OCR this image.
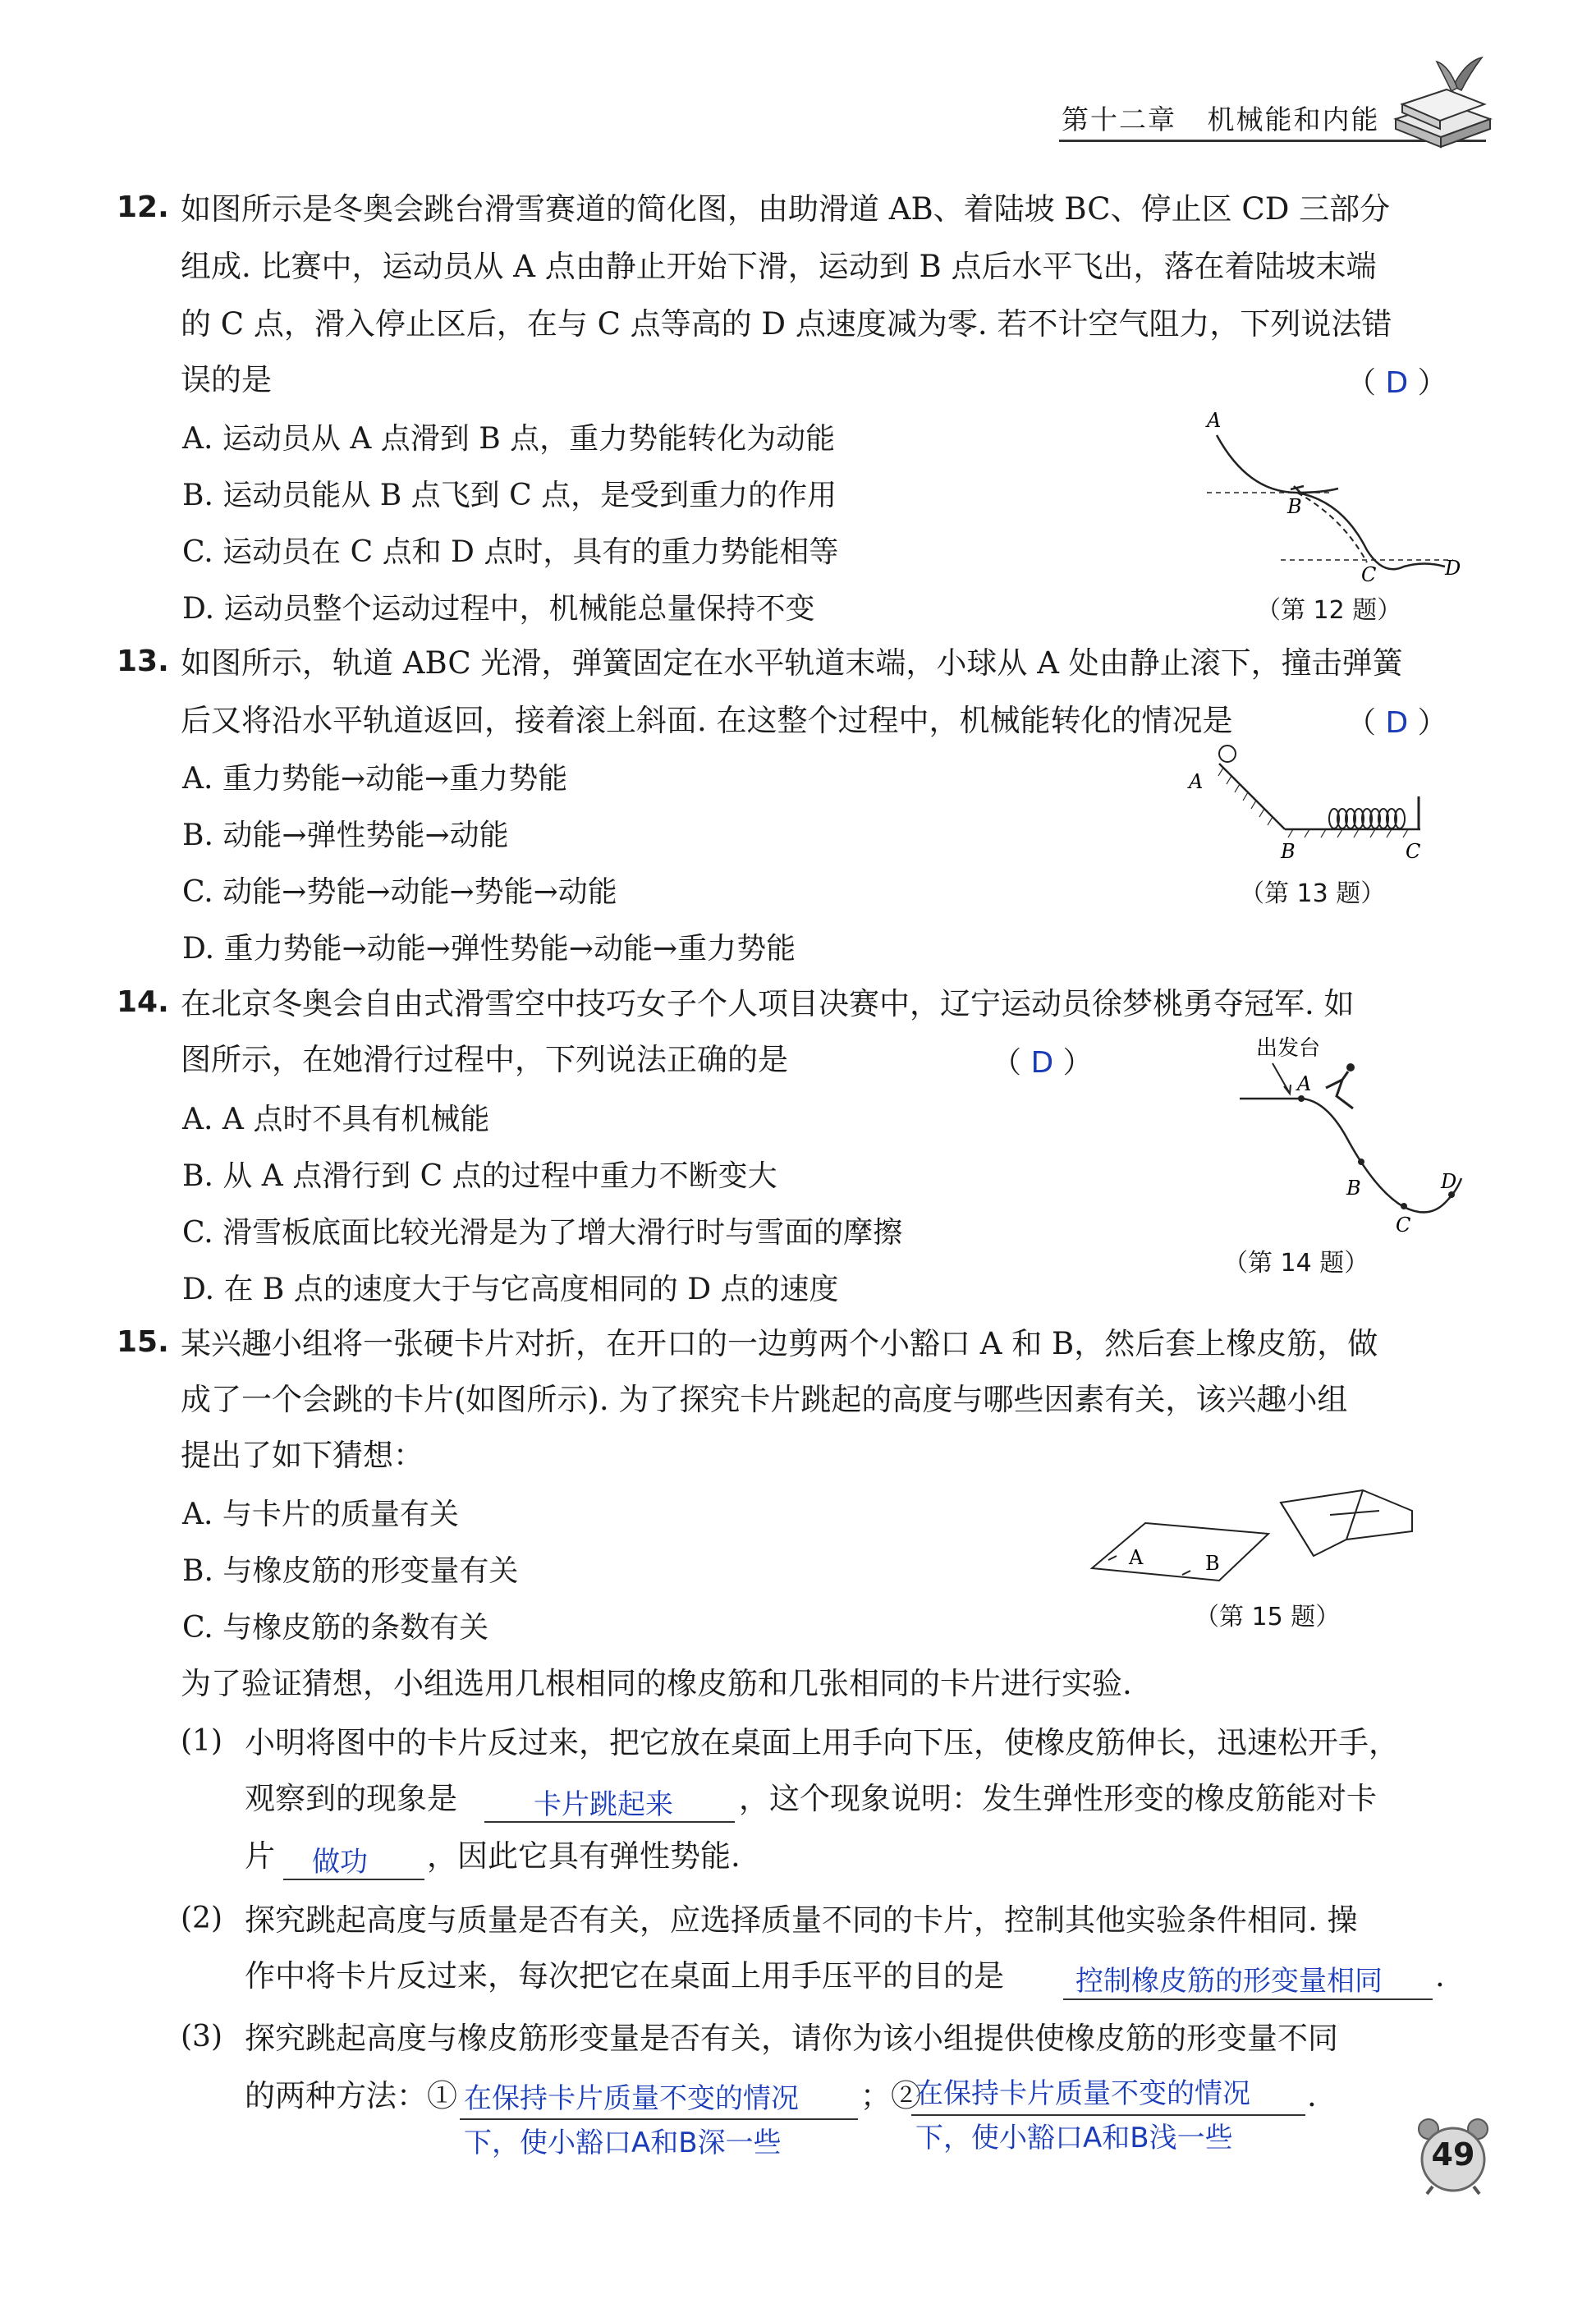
第十二章 机械能和内能
12. 如图所示是冬奥会跳台滑雪赛道的简化图，由助滑道 AB、着陆坡 BC、停止区 CD 三部分
组成. 比赛中，运动员从 A 点由静止开始下滑，运动到 B 点后水平飞出，落在着陆坡末端
的 C 点，滑入停止区后，在与 C 点等高的 D 点速度减为零. 若不计空气阻力，下列说法错
误的是	（ D ）
A. 运动员从 A 点滑到 B 点，重力势能转化为动能
B. 运动员能从 B 点飞到 C 点，是受到重力的作用
C. 运动员在 C 点和 D 点时，具有的重力势能相等
D. 运动员整个运动过程中，机械能总量保持不变
A
B
C	D
（第 12 题）
13. 如图所示，轨道 ABC 光滑，弹簧固定在水平轨道末端，小球从 A 处由静止滚下，撞击弹簧
后又将沿水平轨道返回，接着滚上斜面. 在这整个过程中，机械能转化的情况是	（ D ）
A. 重力势能→动能→重力势能
B. 动能→弹性势能→动能
C. 动能→势能→动能→势能→动能
D. 重力势能→动能→弹性势能→动能→重力势能
A
B	C
（第 13 题）
14. 在北京冬奥会自由式滑雪空中技巧女子个人项目决赛中，辽宁运动员徐梦桃勇夺冠军. 如
图所示，在她滑行过程中，下列说法正确的是	（ D ）
A. A 点时不具有机械能
B. 从 A 点滑行到 C 点的过程中重力不断变大
C. 滑雪板底面比较光滑是为了增大滑行时与雪面的摩擦
D. 在 B 点的速度大于与它高度相同的 D 点的速度
出发台
A
B
C
D
（第 14 题）
15. 某兴趣小组将一张硬卡片对折，在开口的一边剪两个小豁口 A 和 B，然后套上橡皮筋，做
成了一个会跳的卡片(如图所示). 为了探究卡片跳起的高度与哪些因素有关，该兴趣小组
提出了如下猜想：
A. 与卡片的质量有关
B. 与橡皮筋的形变量有关
C. 与橡皮筋的条数有关
A	B
（第 15 题）
为了验证猜想，小组选用几根相同的橡皮筋和几张相同的卡片进行实验.
(1) 小明将图中的卡片反过来，把它放在桌面上用手向下压，使橡皮筋伸长，迅速松开手，
观察到的现象是	卡片跳起来 ，这个现象说明：发生弹性形变的橡皮筋能对卡
片 做功 ，因此它具有弹性势能.
(2) 探究跳起高度与质量是否有关，应选择质量不同的卡片，控制其他实验条件相同. 操
作中将卡片反过来，每次把它在桌面上用手压平的目的是	控制橡皮筋的形变量相同 .
(3) 探究跳起高度与橡皮筋形变量是否有关，请你为该小组提供使橡皮筋的形变量不同
的两种方法：① 在保持卡片质量不变的情况
下，使小豁口A和B深一些
；②
在保持卡片质量不变的情况
下，使小豁口A和B浅一些
.
49
